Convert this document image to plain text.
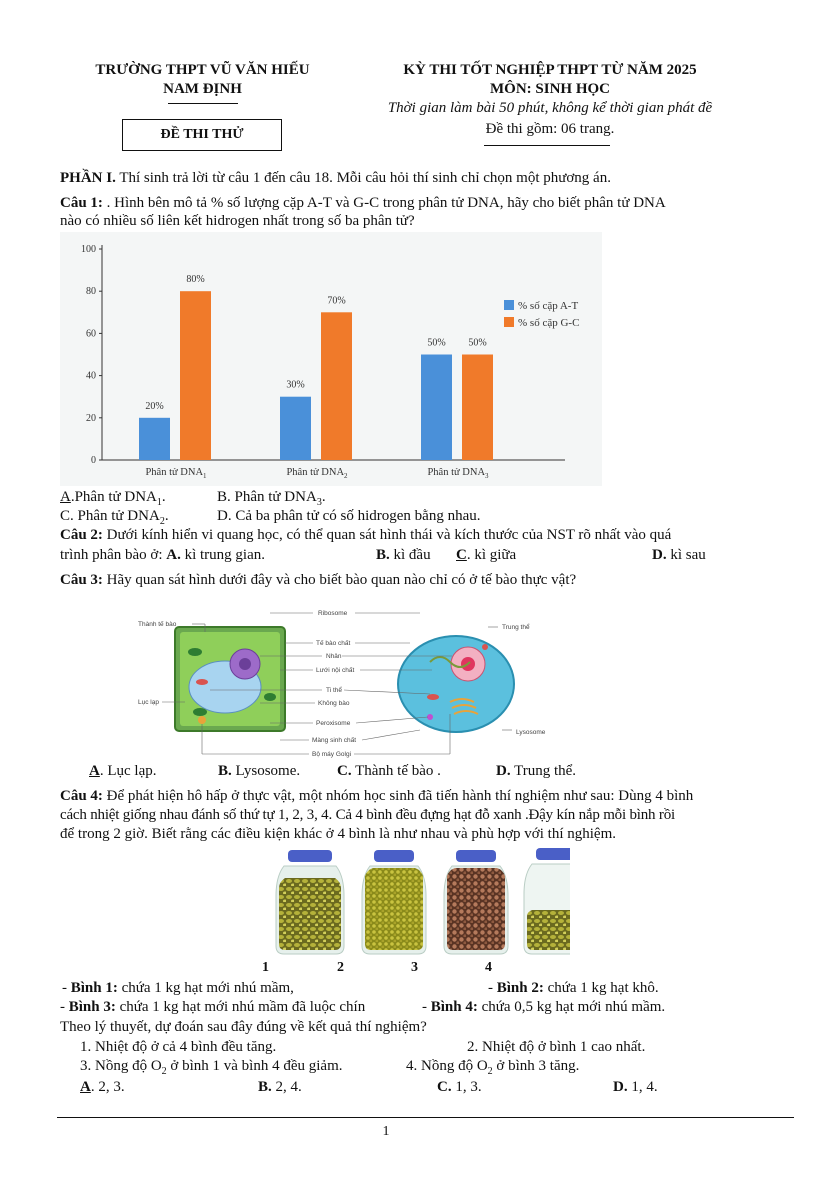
TRƯỜNG THPT VŨ VĂN HIẾU
NAM ĐỊNH
ĐỀ THI THỬ
KỲ THI TỐT NGHIỆP THPT TỪ NĂM 2025
MÔN: SINH HỌC
Thời gian làm bài 50 phút, không kể thời gian phát đề
Đề thi gồm: 06 trang.
PHẦN I. Thí sinh trả lời từ câu 1 đến câu 18. Mỗi câu hỏi thí sinh chỉ chọn một phương án.
Câu 1: . Hình bên mô tả % số lượng cặp A-T và G-C trong phân tử DNA, hãy cho biết phân tử DNA
nào có nhiều số liên kết hidrogen nhất trong số ba phân tử?
0
20
40
60
80
100
20%
80%
Phân tử $DNA_1$
30%
70%
Phân tử $DNA_2$
50% 50%
Phân tử $DNA_3$
% số cặp A-T
% số cặp G-C
A.Phân tử $DNA_1$.	B. Phân tử $DNA_3$.
C. Phân tử $DNA_2$.	D. Cả ba phân tử có số hidrogen bằng nhau.
Câu 2: Dưới kính hiển vi quang học, có thể quan sát hình thái và kích thước của NST rõ nhất vào quá
trình phân bào ở: A. kì trung gian.	B. kì đầu C. kì giữa	D. kì sau
Câu 3: Hãy quan sát hình dưới đây và cho biết bào quan nào chỉ có ở tế bào thực vật?
Thành tế bào
Lục lạp
Ribosome
Tế bào chất
Nhân
Lưới nội chất
Ti thể
Không bào
Peroxisome
Màng sinh chất
Bộ máy Golgi
Trung thể
Lysosome
A. Lục lạp.	B. Lysosome. C. Thành tế bào .	D. Trung thể.
Câu 4: Để phát hiện hô hấp ở thực vật, một nhóm học sinh đã tiến hành thí nghiệm như sau: Dùng 4 bình
cách nhiệt giống nhau đánh số thứ tự 1, 2, 3, 4. Cả 4 bình đều đựng hạt đỗ xanh .Đậy kín nắp mỗi bình rồi
để trong 2 giờ. Biết rằng các điều kiện khác ở 4 bình là như nhau và phù hợp với thí nghiệm.
1	2	3	4
- Bình 1: chứa 1 kg hạt mới nhú mầm,	- Bình 2: chứa 1 kg hạt khô.
- Bình 3: chứa 1 kg hạt mới nhú mầm đã luộc chín	- Bình 4: chứa 0,5 kg hạt mới nhú mầm.
Theo lý thuyết, dự đoán sau đây đúng về kết quả thí nghiệm?
1. Nhiệt độ ở cả 4 bình đều tăng.	2. Nhiệt độ ở bình 1 cao nhất.
3. Nồng độ $O_2$ ở bình 1 và bình 4 đều giảm.	4. Nồng độ $O_2$ ở bình 3 tăng.
A. 2, 3.	B. 2, 4.	C. 1, 3.	D. 1, 4.
1
